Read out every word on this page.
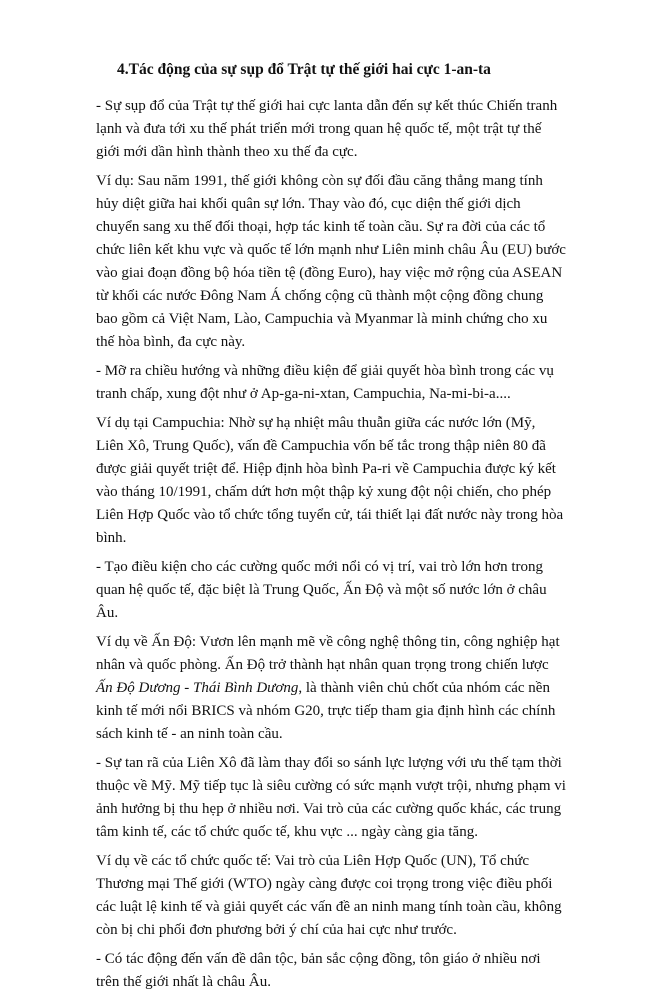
4.Tác động của sự sụp đổ Trật tự thế giới hai cực 1-an-ta

- Sự sụp đổ của Trật tự thế giới hai cực lanta dẫn đến sự kết thúc Chiến tranh lạnh và đưa tới xu thế phát triển mới trong quan hệ quốc tế, một trật tự thế giới mới dần hình thành theo xu thế đa cực.

Ví dụ: Sau năm 1991, thế giới không còn sự đối đầu căng thẳng mang tính hủy diệt giữa hai khối quân sự lớn. Thay vào đó, cục diện thế giới dịch chuyển sang xu thế đối thoại, hợp tác kinh tế toàn cầu. Sự ra đời của các tổ chức liên kết khu vực và quốc tế lớn mạnh như Liên minh châu Âu (EU) bước vào giai đoạn đồng bộ hóa tiền tệ (đồng Euro), hay việc mở rộng của ASEAN từ khối các nước Đông Nam Á chống cộng cũ thành một cộng đồng chung bao gồm cả Việt Nam, Lào, Campuchia và Myanmar là minh chứng cho xu thế hòa bình, đa cực này.

- Mỡ ra chiều hướng và những điều kiện để giải quyết hòa bình trong các vụ tranh chấp, xung đột như ở Ap-ga-ni-xtan, Campuchia, Na-mi-bi-a....

Ví dụ tại Campuchia: Nhờ sự hạ nhiệt mâu thuẫn giữa các nước lớn (Mỹ, Liên Xô, Trung Quốc), vấn đề Campuchia vốn bế tắc trong thập niên 80 đã được giải quyết triệt để. Hiệp định hòa bình Pa-ri về Campuchia được ký kết vào tháng 10/1991, chấm dứt hơn một thập kỷ xung đột nội chiến, cho phép Liên Hợp Quốc vào tổ chức tổng tuyển cử, tái thiết lại đất nước này trong hòa bình.

- Tạo điều kiện cho các cường quốc mới nổi có vị trí, vai trò lớn hơn trong quan hệ quốc tế, đặc biệt là Trung Quốc, Ấn Độ và một số nước lớn ở châu Âu.

Ví dụ về Ấn Độ: Vươn lên mạnh mẽ về công nghệ thông tin, công nghiệp hạt nhân và quốc phòng. Ấn Độ trở thành hạt nhân quan trọng trong chiến lược Ấn Độ Dương - Thái Bình Dương, là thành viên chủ chốt của nhóm các nền kinh tế mới nổi BRICS và nhóm G20, trực tiếp tham gia định hình các chính sách kinh tế - an ninh toàn cầu.

- Sự tan rã của Liên Xô đã làm thay đổi so sánh lực lượng với ưu thế tạm thời thuộc về Mỹ. Mỹ tiếp tục là siêu cường có sức mạnh vượt trội, nhưng phạm vi ảnh hưởng bị thu hẹp ở nhiều nơi. Vai trò của các cường quốc khác, các trung tâm kinh tế, các tổ chức quốc tế, khu vực ... ngày càng gia tăng.

Ví dụ về các tổ chức quốc tế: Vai trò của Liên Hợp Quốc (UN), Tổ chức Thương mại Thế giới (WTO) ngày càng được coi trọng trong việc điều phối các luật lệ kinh tế và giải quyết các vấn đề an ninh mang tính toàn cầu, không còn bị chi phối đơn phương bởi ý chí của hai cực như trước.

- Có tác động đến vấn đề dân tộc, bản sắc cộng đồng, tôn giáo ở nhiều nơi trên thế giới nhất là châu Âu.
